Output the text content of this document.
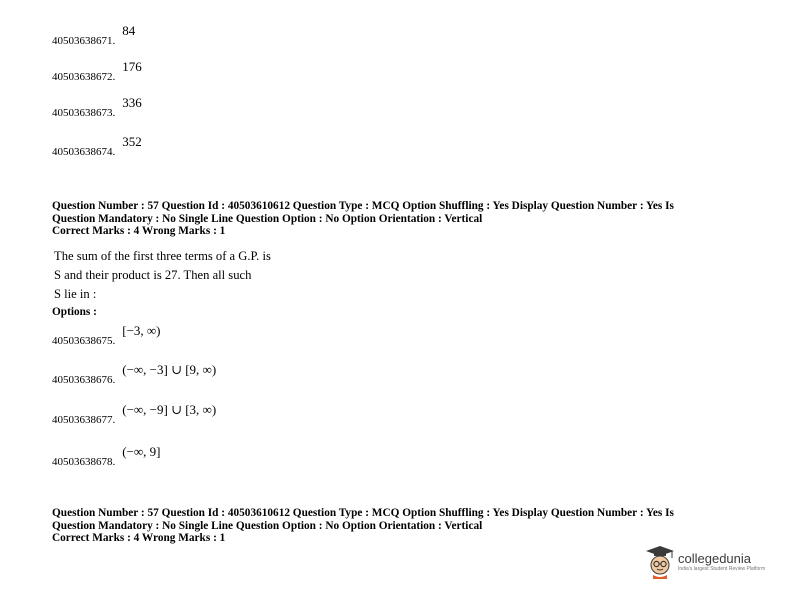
40503638671.
84
40503638672.
176
40503638673.
336
40503638674.
352
Question Number : 57 Question Id : 40503610612 Question Type : MCQ Option Shuffling : Yes Display Question Number : Yes Is
Question Mandatory : No Single Line Question Option : No Option Orientation : Vertical
Correct Marks : 4 Wrong Marks : 1
The sum of the first three terms of a G.P. is
S and their product is 27. Then all such
S lie in :
Options :
40503638675.
[−3, ∞)
40503638676.
(−∞, −3] ∪ [9, ∞)
40503638677.
(−∞, −9] ∪ [3, ∞)
40503638678.
(−∞, 9]
Question Number : 57 Question Id : 40503610612 Question Type : MCQ Option Shuffling : Yes Display Question Number : Yes Is
Question Mandatory : No Single Line Question Option : No Option Orientation : Vertical
Correct Marks : 4 Wrong Marks : 1
collegedunia
India's largest Student Review Platform
